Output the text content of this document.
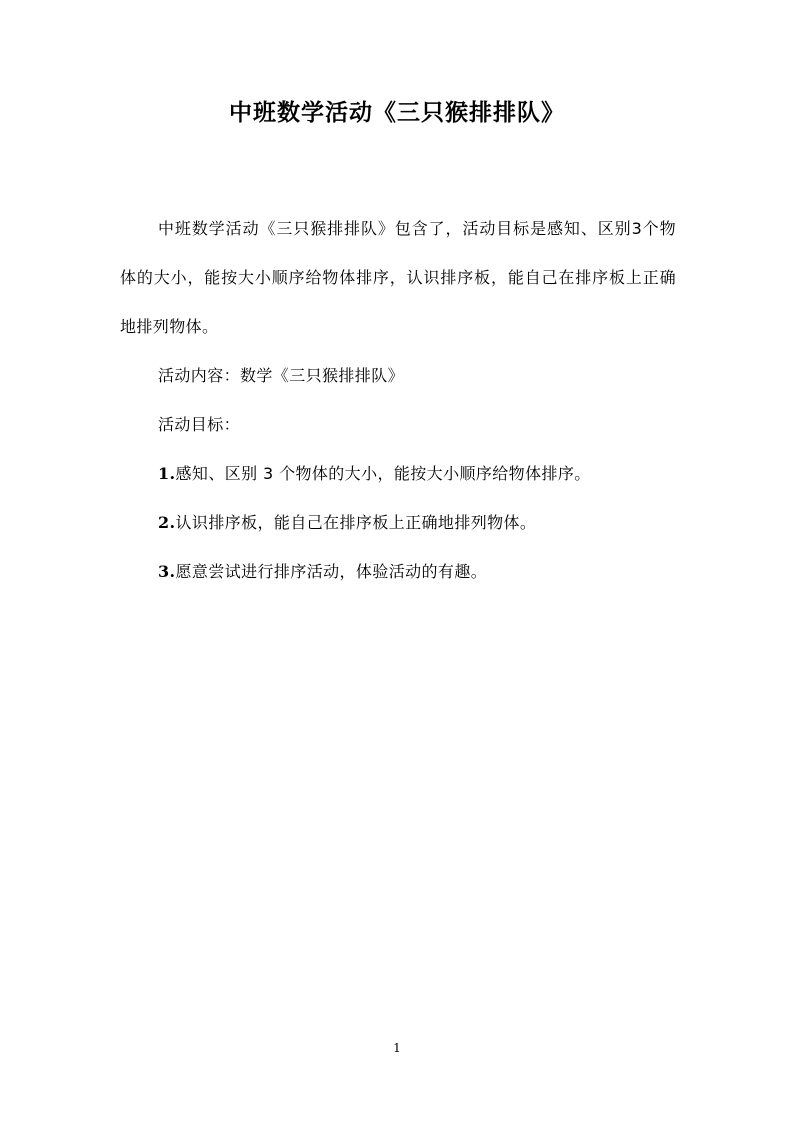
中班数学活动《三只猴排排队》

中班数学活动《三只猴排排队》包含了，活动目标是感知、区别3个物体的大小，能按大小顺序给物体排序，认识排序板，能自己在排序板上正确地排列物体。

活动内容：数学《三只猴排排队》

活动目标：

1.感知、区别 3 个物体的大小，能按大小顺序给物体排序。

2.认识排序板，能自己在排序板上正确地排列物体。

3.愿意尝试进行排序活动，体验活动的有趣。

1
